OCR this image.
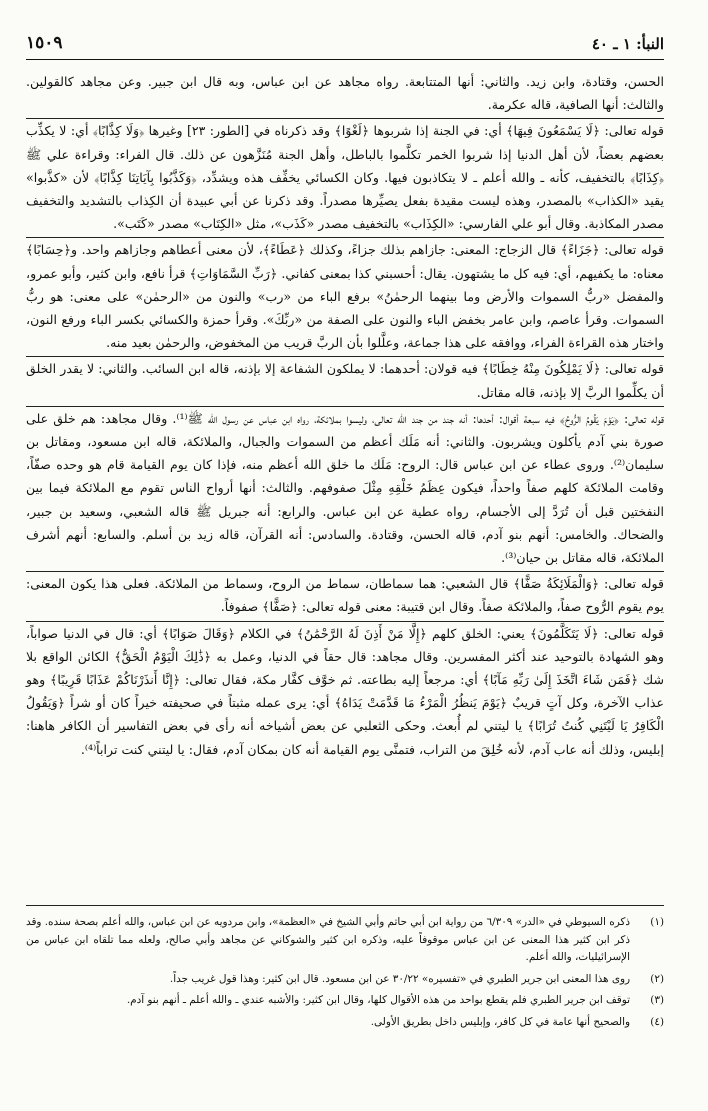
النبأ: ١ ـ ٤٠
١٥٠٩

الحسن، وقتادة، وابن زيد. والثاني: أنها المتتابعة. رواه مجاهد عن ابن عباس، وبه قال ابن جبير. وعن مجاهد كالقولين. والثالث: أنها الصافية، قاله عكرمة.

قوله تعالى: ﴿لَا يَسْمَعُونَ فِيهَا﴾ أي: في الجنة إذا شربوها ﴿لَغْوًا﴾ وقد ذكرناه في [الطور: ٢٣] وغيرها ﴿وَلَا كِذَّابًا﴾ أي: لا يكذِّب بعضهم بعضاً، لأن أهل الدنيا إذا شربوا الخمر تكلَّموا بالباطل، وأهل الجنة مُنَزَّهون عن ذلك. قال الفراء: وقراءة علي ﷺ ﴿كِذَابًا﴾ بالتخفيف، كأنه ـ والله أعلم ـ لا يتكاذبون فيها. وكان الكسائي يخفِّف هذه ويشدِّد، ﴿وَكَذَّبُوا بِآيَاتِنَا كِذَّابًا﴾ لأن «كذَّبوا» يقيد «الكذاب» بالمصدر، وهذه ليست مقيدة بفعل يصيِّرها مصدراً. وقد ذكرنا عن أبي عبيدة أن الكِذاب بالتشديد والتخفيف مصدر المكاذبة. وقال أبو علي الفارسي: «الكِذَاب» بالتخفيف مصدر «كَذَب»، مثل «الكِتَاب» مصدر «كَتَب».

قوله تعالى: ﴿جَزَاءً﴾ قال الزجاج: المعنى: جازاهم بذلك جزاءً، وكذلك ﴿عَطَاءً﴾، لأن معنى أعطاهم وجازاهم واحد. و﴿حِسَابًا﴾ معناه: ما يكفيهم، أي: فيه كل ما يشتهون. يقال: أحسبني كذا بمعنى كفاني. ﴿رَبِّ السَّمَاوَاتِ﴾ قرأ نافع، وابن كثير، وأبو عمرو، والمفضل «ربُّ السموات والأرض وما بينهما الرحمٰنُ» برفع الباء من «رب» والنون من «الرحمٰن» على معنى: هو ربُّ السموات. وقرأ عاصم، وابن عامر بخفض الباء والنون على الصفة من «ربِّكَ». وقرأ حمزة والكسائي بكسر الباء ورفع النون، واختار هذه القراءة الفراء، ووافقه على هذا جماعة، وعلَّلوا بأن الربَّ قريب من المخفوض، والرحمٰن بعيد منه.

قوله تعالى: ﴿لَا يَمْلِكُونَ مِنْهُ خِطَابًا﴾ فيه قولان: أحدهما: لا يملكون الشفاعة إلا بإذنه، قاله ابن السائب. والثاني: لا يقدر الخلق أن يكلِّموا الربَّ إلا بإذنه، قاله مقاتل.

قوله تعالى: ﴿يَوْمَ يَقُومُ الرُّوحُ﴾ فيه سبعة أقوال: أحدها: أنه جند من جند الله تعالى، وليسوا بملائكة، رواه ابن عباس عن رسول الله ﷺ⁽¹⁾. وقال مجاهد: هم خلق على صورة بني آدم يأكلون ويشربون. والثاني: أنه مَلَك أعظم من السموات والجبال، والملائكة، قاله ابن مسعود، ومقاتل بن سليمان⁽²⁾. وروى عطاء عن ابن عباس قال: الروح: مَلَك ما خلق الله أعظم منه، فإذا كان يوم القيامة قام هو وحده صفّاً، وقامت الملائكة كلهم صفاً واحداً، فيكون عِظَمُ خَلْقِهِ مِثْلَ صفوفهم. والثالث: أنها أرواح الناس تقوم مع الملائكة فيما بين النفختين قبل أن تُرَدَّ إلى الأجسام، رواه عطية عن ابن عباس. والرابع: أنه جبريل ﷺ قاله الشعبي، وسعيد بن جبير، والضحاك. والخامس: أنهم بنو آدم، قاله الحسن، وقتادة. والسادس: أنه القرآن، قاله زيد بن أسلم. والسابع: أنهم أشرف الملائكة، قاله مقاتل بن حيان⁽³⁾.

قوله تعالى: ﴿وَالْمَلَائِكَةُ صَفًّا﴾ قال الشعبي: هما سماطان، سماط من الروح، وسماط من الملائكة. فعلى هذا يكون المعنى: يوم يقوم الرُّوح صفاً، والملائكة صفاً. وقال ابن قتيبة: معنى قوله تعالى: ﴿صَفًّا﴾ صفوفاً.

قوله تعالى: ﴿لَا يَتَكَلَّمُونَ﴾ يعني: الخلق كلهم ﴿إِلَّا مَنْ أَذِنَ لَهُ الرَّحْمَٰنُ﴾ في الكلام ﴿وَقَالَ صَوَابًا﴾ أي: قال في الدنيا صواباً، وهو الشهادة بالتوحيد عند أكثر المفسرين. وقال مجاهد: قال حقاً في الدنيا، وعمل به ﴿ذَٰلِكَ الْيَوْمُ الْحَقُّ﴾ الكائن الواقع بلا شك ﴿فَمَن شَاءَ اتَّخَذَ إِلَىٰ رَبِّهِ مَآبًا﴾ أي: مرجعاً إليه بطاعته. ثم خوَّف كفَّار مكة، فقال تعالى: ﴿إِنَّا أَنذَرْنَاكُمْ عَذَابًا قَرِيبًا﴾ وهو عذاب الآخرة، وكل آتٍ قريبٌ ﴿يَوْمَ يَنظُرُ الْمَرْءُ مَا قَدَّمَتْ يَدَاهُ﴾ أي: يرى عمله مثبتاً في صحيفته خيراً كان أو شراً ﴿وَيَقُولُ الْكَافِرُ يَا لَيْتَنِي كُنتُ تُرَابًا﴾ يا ليتني لم أُبعث. وحكى الثعلبي عن بعض أشياخه أنه رأى في بعض التفاسير أن الكافر هاهنا: إبليس، وذلك أنه عاب آدم، لأنه خُلِقَ من التراب، فتمنَّى يوم القيامة أنه كان بمكان آدم، فقال: يا ليتني كنت تراباً⁽⁴⁾.

(١)
ذكره السيوطي في «الدر» ٦/٣٠٩ من رواية ابن أبي حاتم وأبي الشيخ في «العظمة»، وابن مردويه عن ابن عباس، والله أعلم بصحة سنده. وقد ذكر ابن كثير هذا المعنى عن ابن عباس موقوفاً عليه، وذكره ابن كثير والشوكاني عن مجاهد وأبي صالح، ولعله مما تلقاه ابن عباس من الإسرائيليات، والله أعلم.
(٢)
روى هذا المعنى ابن جرير الطبري في «تفسيره» ٣٠/٢٢ عن ابن مسعود. قال ابن كثير: وهذا قول غريب جداً.
(٣)
توقف ابن جرير الطبري فلم يقطع بواحد من هذه الأقوال كلها، وقال ابن كثير: والأشبه عندي ـ والله أعلم ـ أنهم بنو آدم.
(٤)
والصحيح أنها عامة في كل كافر، وإبليس داخل بطريق الأولى.
